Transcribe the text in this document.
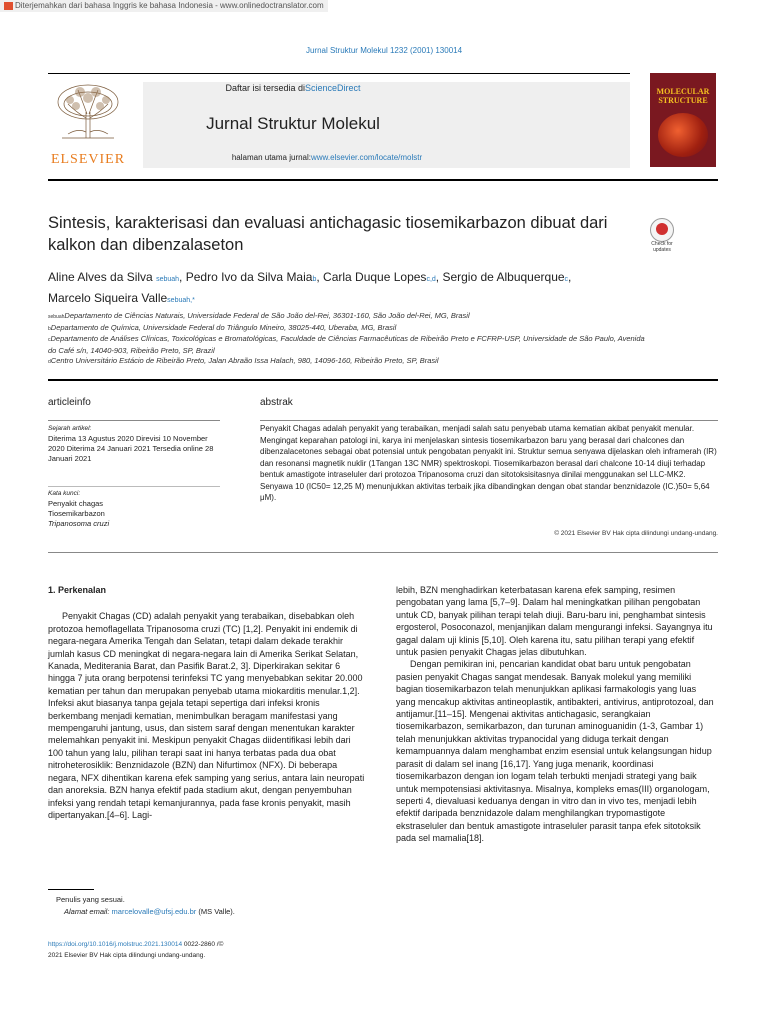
Diterjemahkan dari bahasa Inggris ke bahasa Indonesia - www.onlinedoctranslator.com
Jurnal Struktur Molekul 1232 (2001) 130014
ELSEVIER
Daftar isi tersedia diScienceDirect
Jurnal Struktur Molekul
halaman utama jurnal:www.elsevier.com/locate/molstr
MOLECULAR STRUCTURE
Sintesis, karakterisasi dan evaluasi antichagasic tiosemikarbazon dibuat dari kalkon dan dibenzalaseton	Check for updates
Aline Alves da Silva sebuah, Pedro Ivo da Silva Maiab, Carla Duque Lopesc,d, Sergio de Albuquerquec, Marcelo Siqueira Vallesebuah,*
sebuahDepartamento de Ciências Naturais, Universidade Federal de São João del-Rei, 36301-160, São João del-Rei, MG, Brasil
bDepartamento de Química, Universidade Federal do Triângulo Mineiro, 38025-440, Uberaba, MG, Brasil
cDepartamento de Análises Clínicas, Toxicológicas e Bromatológicas, Faculdade de Ciências Farmacêuticas de Ribeirão Preto e FCFRP-USP, Universidade de São Paulo, Avenida do Café s/n, 14040-903, Ribeirão Preto, SP, Brazil
dCentro Universitário Estácio de Ribeirão Preto, Jalan Abraão Issa Halach, 980, 14096-160, Ribeirão Preto, SP, Brasil
articleinfo	abstrak
Sejarah artikel:
Diterima 13 Agustus 2020 Direvisi 10 November 2020 Diterima 24 Januari 2021 Tersedia online 28 Januari 2021
Kata kunci:
Penyakit chagas
Tiosemikarbazon
Tripanosoma cruzi
Penyakit Chagas adalah penyakit yang terabaikan, menjadi salah satu penyebab utama kematian akibat penyakit menular. Mengingat keparahan patologi ini, karya ini menjelaskan sintesis tiosemikarbazon baru yang berasal dari chalcones dan dibenzalacetones sebagai obat potensial untuk pengobatan penyakit ini. Struktur semua senyawa dijelaskan oleh inframerah (IR) dan resonansi magnetik nuklir (1Tangan 13C NMR) spektroskopi. Tiosemikarbazon berasal dari chalcone 10-14 diuji terhadap bentuk amastigote intraseluler dari protozoa Tripanosoma cruzi dan sitotoksisitasnya dinilai menggunakan sel LLC-MK2. Senyawa 10 (IC50= 12,25 M) menunjukkan aktivitas terbaik jika dibandingkan dengan obat standar benznidazole (IC.)50= 5,64 μM).
© 2021 Elsevier BV Hak cipta dilindungi undang-undang.
1. Perkenalan

Penyakit Chagas (CD) adalah penyakit yang terabaikan, disebabkan oleh protozoa hemoflagellata Tripanosoma cruzi (TC) [1,2]. Penyakit ini endemik di negara-negara Amerika Tengah dan Selatan, tetapi dalam dekade terakhir jumlah kasus CD meningkat di negara-negara lain di Amerika Serikat Selatan, Kanada, Mediterania Barat, dan Pasifik Barat.2, 3]. Diperkirakan sekitar 6 hingga 7 juta orang berpotensi terinfeksi TC yang menyebabkan sekitar 20.000 kematian per tahun dan merupakan penyebab utama miokarditis menular.1,2]. Infeksi akut biasanya tanpa gejala tetapi sepertiga dari infeksi kronis berkembang menjadi kematian, menimbulkan beragam manifestasi yang mempengaruhi jantung, usus, dan sistem saraf dengan menentukan karakter melemahkan penyakit ini. Meskipun penyakit Chagas diidentifikasi lebih dari 100 tahun yang lalu, pilihan terapi saat ini hanya terbatas pada dua obat nitroheterosiklik: Benznidazole (BZN) dan Nifurtimox (NFX). Di beberapa negara, NFX dihentikan karena efek samping yang serius, antara lain neuropati dan anoreksia. BZN hanya efektif pada stadium akut, dengan penyembuhan infeksi yang rendah tetapi kemanjurannya, pada fase kronis penyakit, masih dipertanyakan.[4–6]. Lagi-

lebih, BZN menghadirkan keterbatasan karena efek samping, resimen pengobatan yang lama [5,7–9]. Dalam hal meningkatkan pilihan pengobatan untuk CD, banyak pilihan terapi telah diuji. Baru-baru ini, penghambat sintesis ergosterol, Posoconazol, menjanjikan dalam mengurangi infeksi. Sayangnya itu gagal dalam uji klinis [5,10]. Oleh karena itu, satu pilihan terapi yang efektif untuk pasien penyakit Chagas jelas dibutuhkan.

Dengan pemikiran ini, pencarian kandidat obat baru untuk pengobatan pasien penyakit Chagas sangat mendesak. Banyak molekul yang memiliki bagian tiosemikarbazon telah menunjukkan aplikasi farmakologis yang luas yang mencakup aktivitas antineoplastik, antibakteri, antivirus, antiprotozoal, dan antijamur.[11–15]. Mengenai aktivitas antichagasic, serangkaian tiosemikarbazon, semikarbazon, dan turunan aminoguanidin (1-3, Gambar 1) telah menunjukkan aktivitas trypanocidal yang diduga terkait dengan kemampuannya dalam menghambat enzim esensial untuk kelangsungan hidup parasit di dalam sel inang [16,17]. Yang juga menarik, koordinasi tiosemikarbazon dengan ion logam telah terbukti menjadi strategi yang baik untuk mempotensiasi aktivitasnya. Misalnya, kompleks emas(III) organologam, seperti 4, dievaluasi keduanya dengan in vitro dan in vivo tes, menjadi lebih efektif daripada benznidazole dalam menghilangkan trypomastigote ekstraseluler dan bentuk amastigote intraseluler parasit tanpa efek sitotoksik pada sel mamalia[18].

Penulis yang sesuai.
Alamat email: marcelovalle@ufsj.edu.br (MS Valle).
https://doi.org/10.1016/j.molstruc.2021.130014 0022-2860 /©
2021 Elsevier BV Hak cipta dilindungi undang-undang.
